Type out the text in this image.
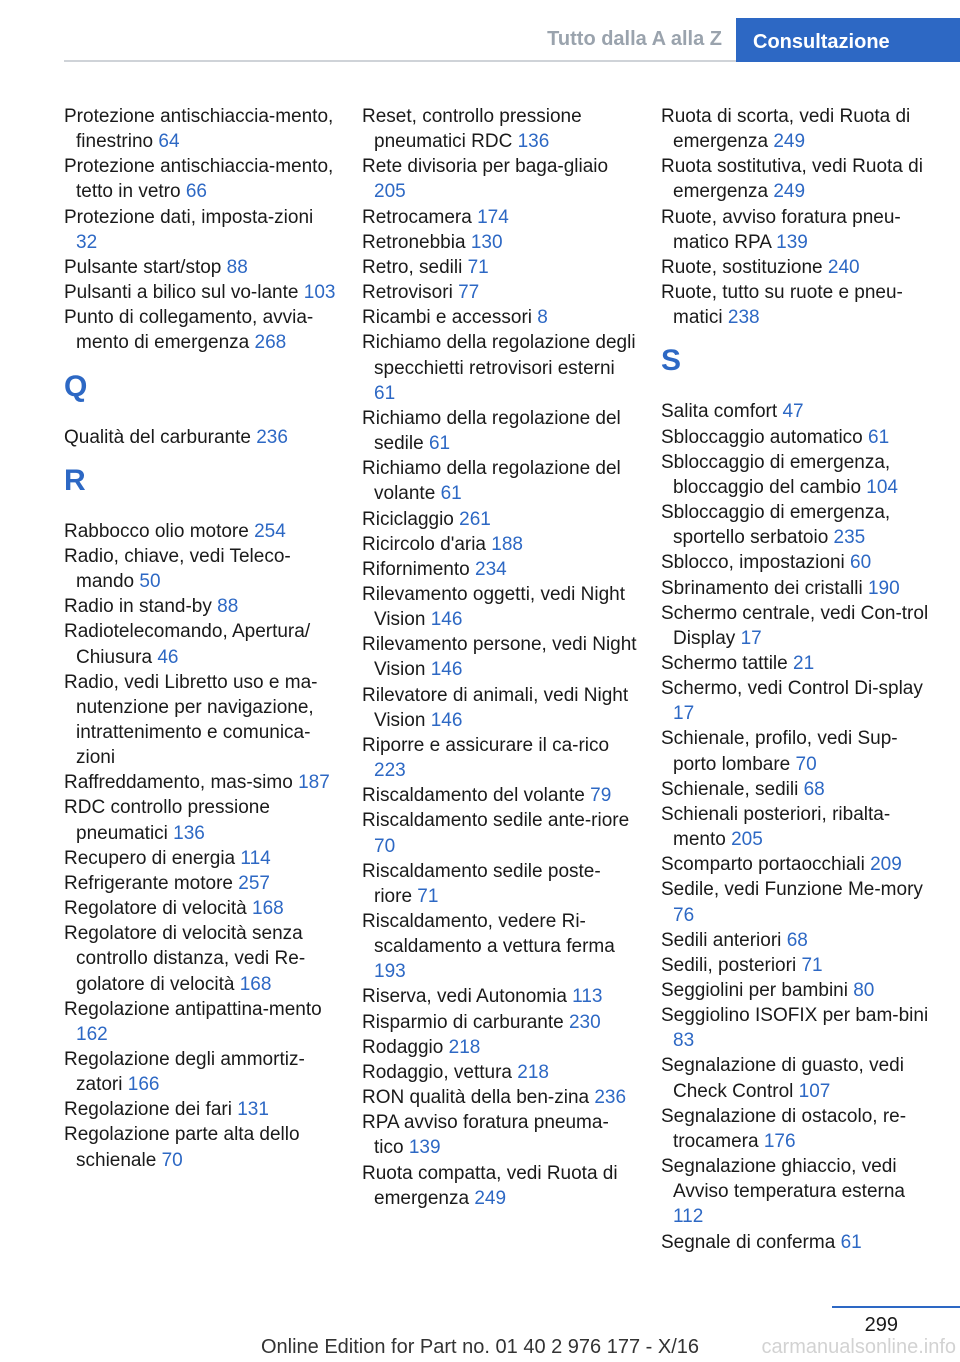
Tutto dalla A alla Z	Consultazione
Protezione antischiaccia-mento, finestrino 64
Protezione antischiaccia-mento, tetto in vetro 66
Protezione dati, imposta-zioni 32
Pulsante start/stop 88
Pulsanti a bilico sul vo-lante 103
Punto di collegamento, avvia-mento di emergenza 268
Q
Qualità del carburante 236
R
Rabbocco olio motore 254
Radio, chiave, vedi Teleco-mando 50
Radio in stand-by 88
Radiotelecomando, Apertura/ Chiusura 46
Radio, vedi Libretto uso e ma-nutenzione per navigazione, intrattenimento e comunica-zioni
Raffreddamento, mas-simo 187
RDC controllo pressione pneumatici 136
Recupero di energia 114
Refrigerante motore 257
Regolatore di velocità 168
Regolatore di velocità senza controllo distanza, vedi Re-golatore di velocità 168
Regolazione antipattina-mento 162
Regolazione degli ammortiz-zatori 166
Regolazione dei fari 131
Regolazione parte alta dello schienale 70
Reset, controllo pressione pneumatici RDC 136
Rete divisoria per baga-gliaio 205
Retrocamera 174
Retronebbia 130
Retro, sedili 71
Retrovisori 77
Ricambi e accessori 8
Richiamo della regolazione degli specchietti retrovisori esterni 61
Richiamo della regolazione del sedile 61
Richiamo della regolazione del volante 61
Riciclaggio 261
Ricircolo d'aria 188
Rifornimento 234
Rilevamento oggetti, vedi Night Vision 146
Rilevamento persone, vedi Night Vision 146
Rilevatore di animali, vedi Night Vision 146
Riporre e assicurare il ca-rico 223
Riscaldamento del volante 79
Riscaldamento sedile ante-riore 70
Riscaldamento sedile poste-riore 71
Riscaldamento, vedere Ri-scaldamento a vettura ferma 193
Riserva, vedi Autonomia 113
Risparmio di carburante 230
Rodaggio 218
Rodaggio, vettura 218
RON qualità della ben-zina 236
RPA avviso foratura pneuma-tico 139
Ruota compatta, vedi Ruota di emergenza 249
Ruota di scorta, vedi Ruota di emergenza 249
Ruota sostitutiva, vedi Ruota di emergenza 249
Ruote, avviso foratura pneu-matico RPA 139
Ruote, sostituzione 240
Ruote, tutto su ruote e pneu-matici 238
S
Salita comfort 47
Sbloccaggio automatico 61
Sbloccaggio di emergenza, bloccaggio del cambio 104
Sbloccaggio di emergenza, sportello serbatoio 235
Sblocco, impostazioni 60
Sbrinamento dei cristalli 190
Schermo centrale, vedi Con-trol Display 17
Schermo tattile 21
Schermo, vedi Control Di-splay 17
Schienale, profilo, vedi Sup-porto lombare 70
Schienale, sedili 68
Schienali posteriori, ribalta-mento 205
Scomparto portaocchiali 209
Sedile, vedi Funzione Me-mory 76
Sedili anteriori 68
Sedili, posteriori 71
Seggiolini per bambini 80
Seggiolino ISOFIX per bam-bini 83
Segnalazione di guasto, vedi Check Control 107
Segnalazione di ostacolo, re-trocamera 176
Segnalazione ghiaccio, vedi Avviso temperatura esterna 112
Segnale di conferma 61
299
Online Edition for Part no. 01 40 2 976 177 - X/16	carmanualsonline.info
